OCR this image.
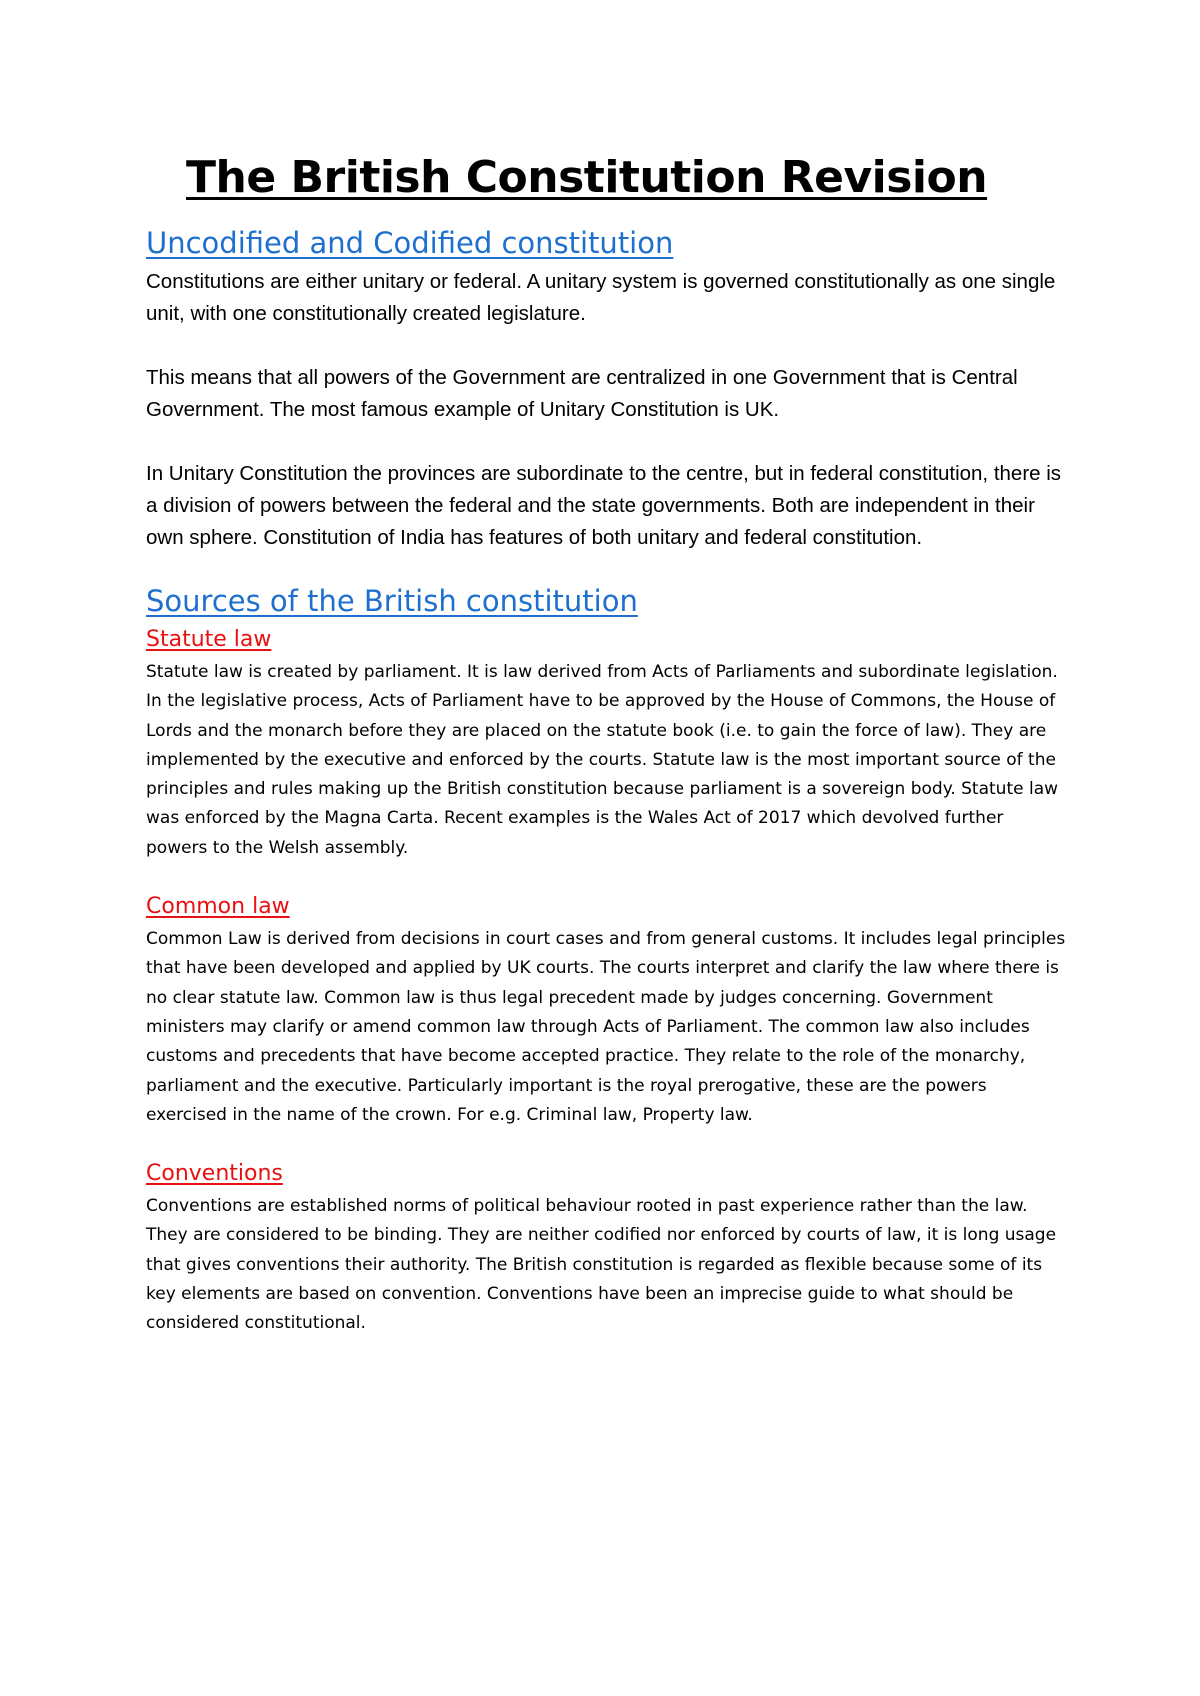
The British Constitution Revision
Uncodified and Codified constitution

Constitutions are either unitary or federal. A unitary system is governed constitutionally as one single unit, with one constitutionally created legislature.

This means that all powers of the Government are centralized in one Government that is Central Government. The most famous example of Unitary Constitution is UK.

In Unitary Constitution the provinces are subordinate to the centre, but in federal constitution, there is a division of powers between the federal and the state governments. Both are independent in their own sphere. Constitution of India has features of both unitary and federal constitution.

Sources of the British constitution
Statute law

Statute law is created by parliament. It is law derived from Acts of Parliaments and subordinate legislation. In the legislative process, Acts of Parliament have to be approved by the House of Commons, the House of Lords and the monarch before they are placed on the statute book (i.e. to gain the force of law). They are implemented by the executive and enforced by the courts. Statute law is the most important source of the principles and rules making up the British constitution because parliament is a sovereign body. Statute law was enforced by the Magna Carta. Recent examples is the Wales Act of 2017 which devolved further powers to the Welsh assembly.

Common law

Common Law is derived from decisions in court cases and from general customs. It includes legal principles that have been developed and applied by UK courts. The courts interpret and clarify the law where there is no clear statute law. Common law is thus legal precedent made by judges concerning. Government ministers may clarify or amend common law through Acts of Parliament. The common law also includes customs and precedents that have become accepted practice. They relate to the role of the monarchy, parliament and the executive. Particularly important is the royal prerogative, these are the powers exercised in the name of the crown. For e.g. Criminal law, Property law.

Conventions

Conventions are established norms of political behaviour rooted in past experience rather than the law. They are considered to be binding. They are neither codified nor enforced by courts of law, it is long usage that gives conventions their authority. The British constitution is regarded as flexible because some of its key elements are based on convention. Conventions have been an imprecise guide to what should be considered constitutional.
